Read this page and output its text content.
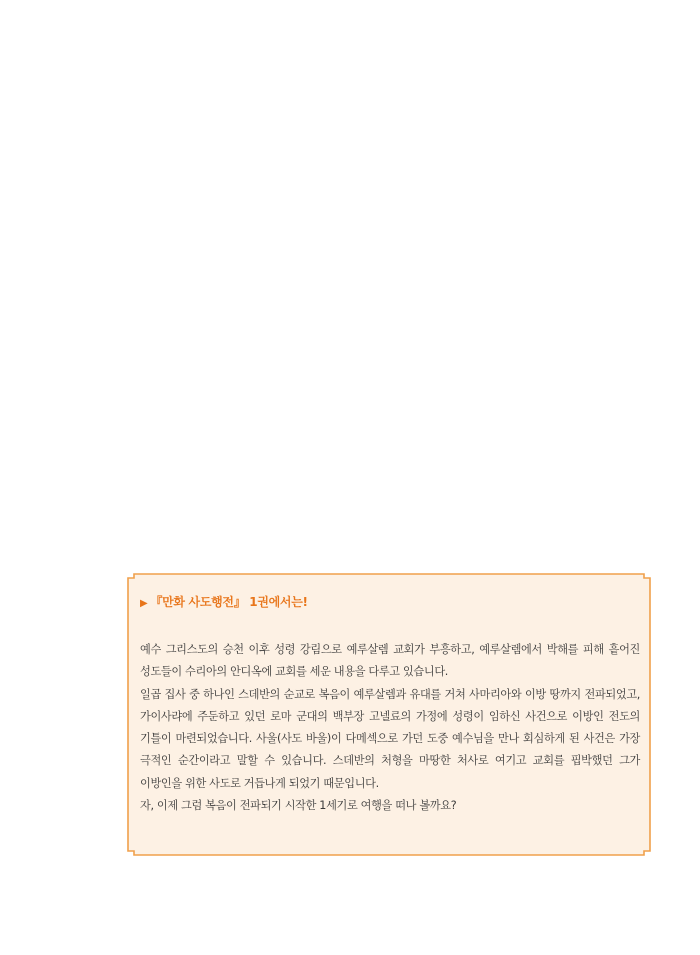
▶ 『만화 사도행전』 1권에서는!

예수 그리스도의 승천 이후 성령 강림으로 예루살렘 교회가 부흥하고, 예루살렘에서 박해를 피해 흩어진 성도들이 수리아의 안디옥에 교회를 세운 내용을 다루고 있습니다.

일곱 집사 중 하나인 스데반의 순교로 복음이 예루살렘과 유대를 거쳐 사마리아와 이방 땅까지 전파되었고, 가이사랴에 주둔하고 있던 로마 군대의 백부장 고넬료의 가정에 성령이 임하신 사건으로 이방인 전도의 기틀이 마련되었습니다. 사울(사도 바울)이 다메섹으로 가던 도중 예수님을 만나 회심하게 된 사건은 가장 극적인 순간이라고 말할 수 있습니다. 스데반의 처형을 마땅한 처사로 여기고 교회를 핍박했던 그가 이방인을 위한 사도로 거듭나게 되었기 때문입니다.

자, 이제 그럼 복음이 전파되기 시작한 1세기로 여행을 떠나 볼까요?
